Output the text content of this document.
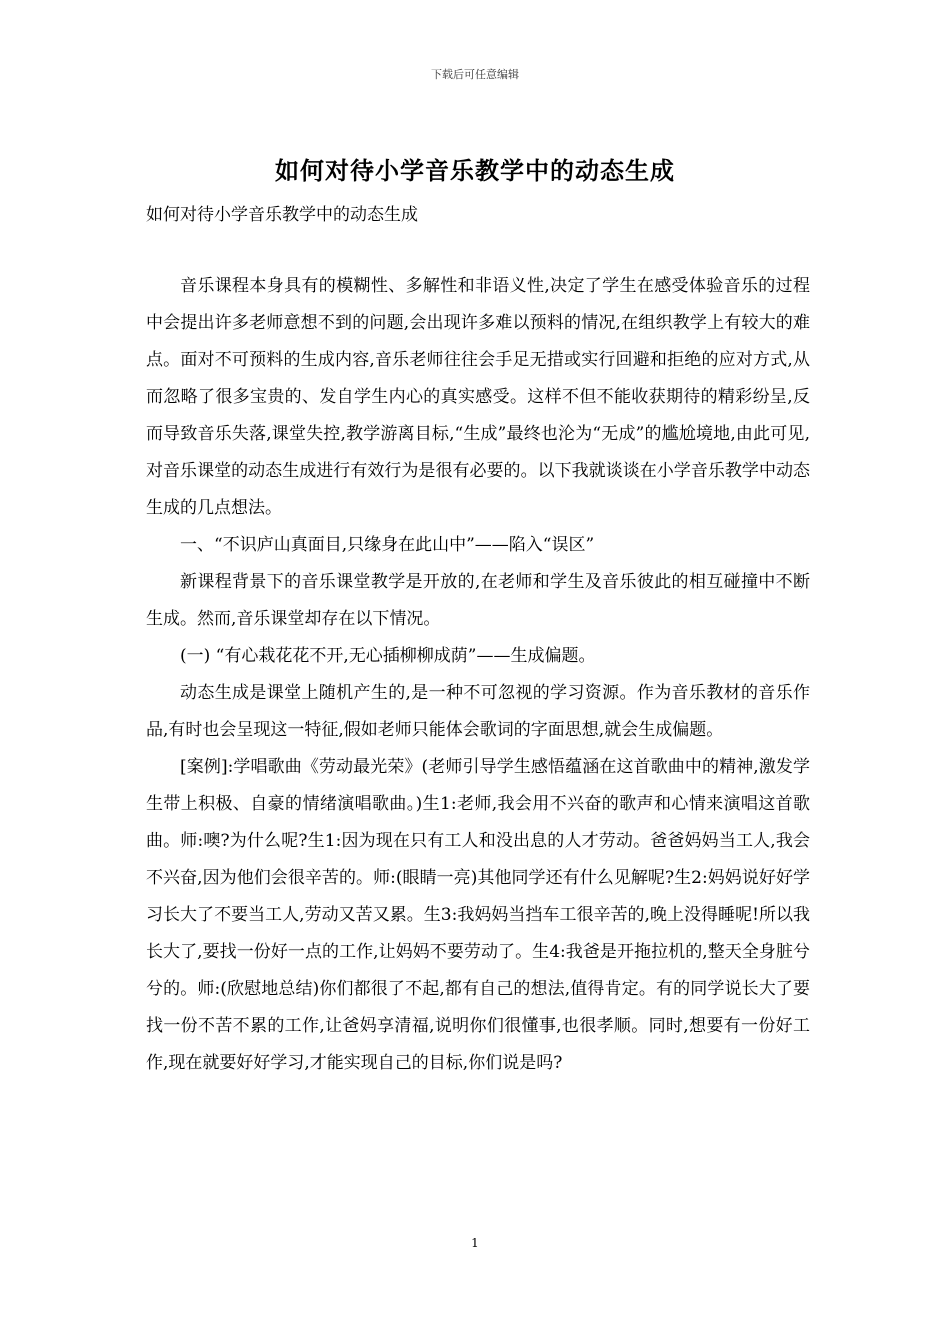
下载后可任意编辑
如何对待小学音乐教学中的动态生成
如何对待小学音乐教学中的动态生成

音乐课程本身具有的模糊性、多解性和非语义性,决定了学生在感受体验音乐的过程中会提出许多老师意想不到的问题,会出现许多难以预料的情况,在组织教学上有较大的难点。面对不可预料的生成内容,音乐老师往往会手足无措或实行回避和拒绝的应对方式,从而忽略了很多宝贵的、发自学生内心的真实感受。这样不但不能收获期待的精彩纷呈,反而导致音乐失落,课堂失控,教学游离目标,“生成”最终也沦为“无成”的尴尬境地,由此可见,对音乐课堂的动态生成进行有效行为是很有必要的。以下我就谈谈在小学音乐教学中动态生成的几点想法。

一、“不识庐山真面目,只缘身在此山中”——陷入“误区”

新课程背景下的音乐课堂教学是开放的,在老师和学生及音乐彼此的相互碰撞中不断生成。然而,音乐课堂却存在以下情况。

(一) “有心栽花花不开,无心插柳柳成荫”——生成偏题。

动态生成是课堂上随机产生的,是一种不可忽视的学习资源。作为音乐教材的音乐作品,有时也会呈现这一特征,假如老师只能体会歌词的字面思想,就会生成偏题。

[案例]:学唱歌曲《劳动最光荣》(老师引导学生感悟蕴涵在这首歌曲中的精神,激发学生带上积极、自豪的情绪演唱歌曲。)生1:老师,我会用不兴奋的歌声和心情来演唱这首歌曲。师:噢?为什么呢?生1:因为现在只有工人和没出息的人才劳动。爸爸妈妈当工人,我会不兴奋,因为他们会很辛苦的。师:(眼睛一亮)其他同学还有什么见解呢?生2:妈妈说好好学习长大了不要当工人,劳动又苦又累。生3:我妈妈当挡车工很辛苦的,晚上没得睡呢!所以我长大了,要找一份好一点的工作,让妈妈不要劳动了。生4:我爸是开拖拉机的,整天全身脏兮兮的。师:(欣慰地总结)你们都很了不起,都有自己的想法,值得肯定。有的同学说长大了要找一份不苦不累的工作,让爸妈享清福,说明你们很懂事,也很孝顺。同时,想要有一份好工作,现在就要好好学习,才能实现自己的目标,你们说是吗?

1
